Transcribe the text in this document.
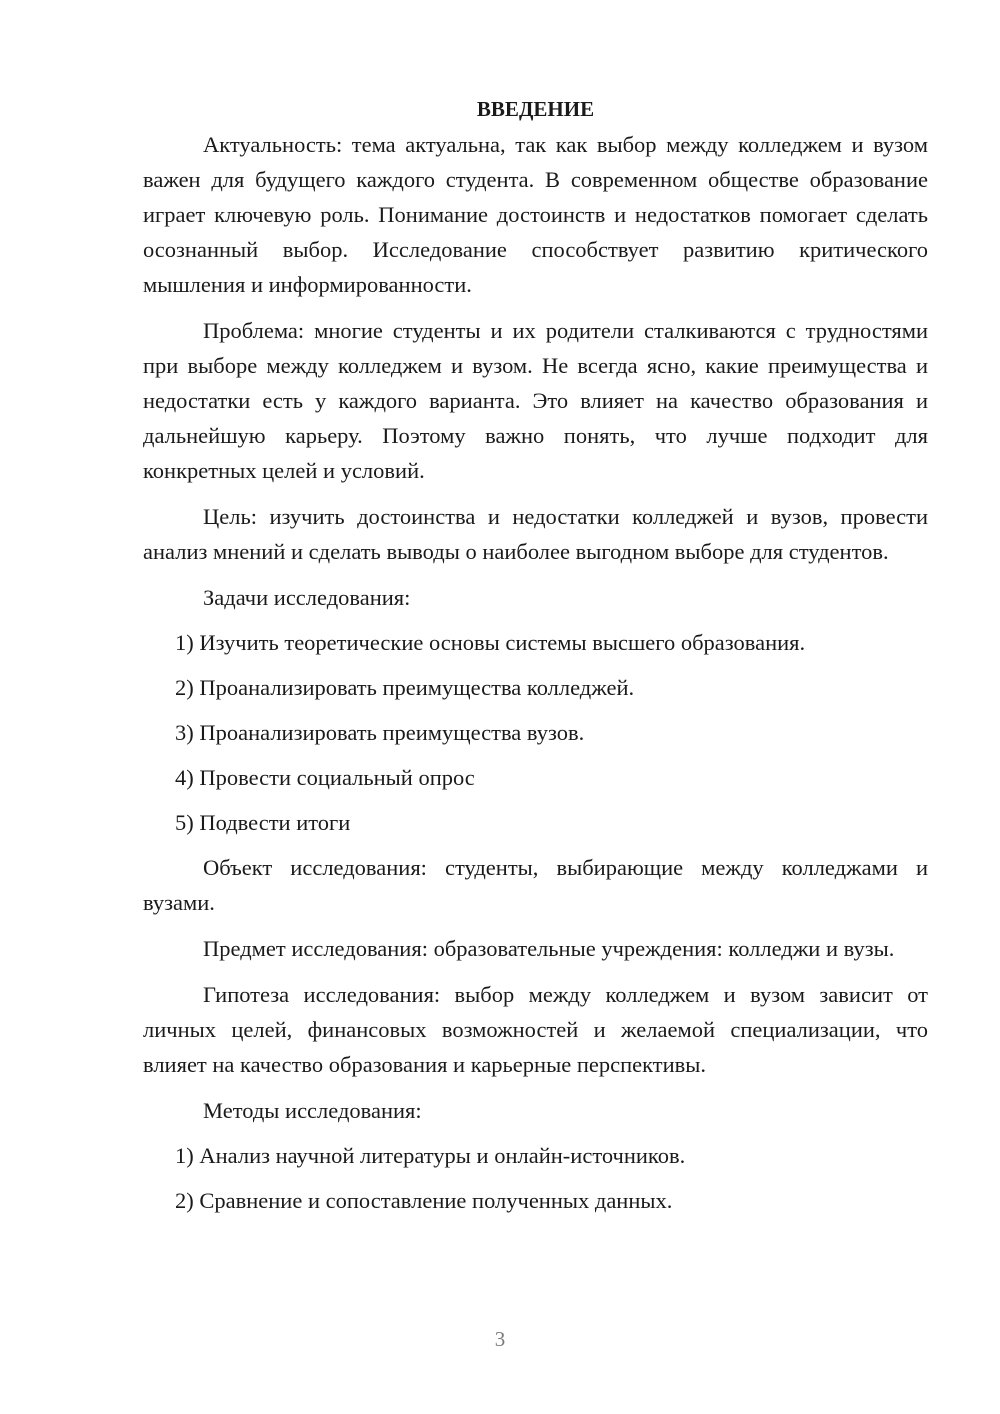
ВВЕДЕНИЕ

Актуальность: тема актуальна, так как выбор между колледжем и вузом важен для будущего каждого студента. В современном обществе образование играет ключевую роль. Понимание достоинств и недостатков помогает сделать осознанный выбор. Исследование способствует развитию критического мышления и информированности.

Проблема: многие студенты и их родители сталкиваются с трудностями при выборе между колледжем и вузом. Не всегда ясно, какие преимущества и недостатки есть у каждого варианта. Это влияет на качество образования и дальнейшую карьеру. Поэтому важно понять, что лучше подходит для конкретных целей и условий.

Цель: изучить достоинства и недостатки колледжей и вузов, провести анализ мнений и сделать выводы о наиболее выгодном выборе для студентов.

Задачи исследования:

1) Изучить теоретические основы системы высшего образования.

2) Проанализировать преимущества колледжей.

3) Проанализировать преимущества вузов.

4) Провести социальный опрос

5) Подвести итоги

Объект исследования: студенты, выбирающие между колледжами и вузами.

Предмет исследования: образовательные учреждения: колледжи и вузы.

Гипотеза исследования: выбор между колледжем и вузом зависит от личных целей, финансовых возможностей и желаемой специализации, что влияет на качество образования и карьерные перспективы.

Методы исследования:

1) Анализ научной литературы и онлайн-источников.

2) Сравнение и сопоставление полученных данных.

3
